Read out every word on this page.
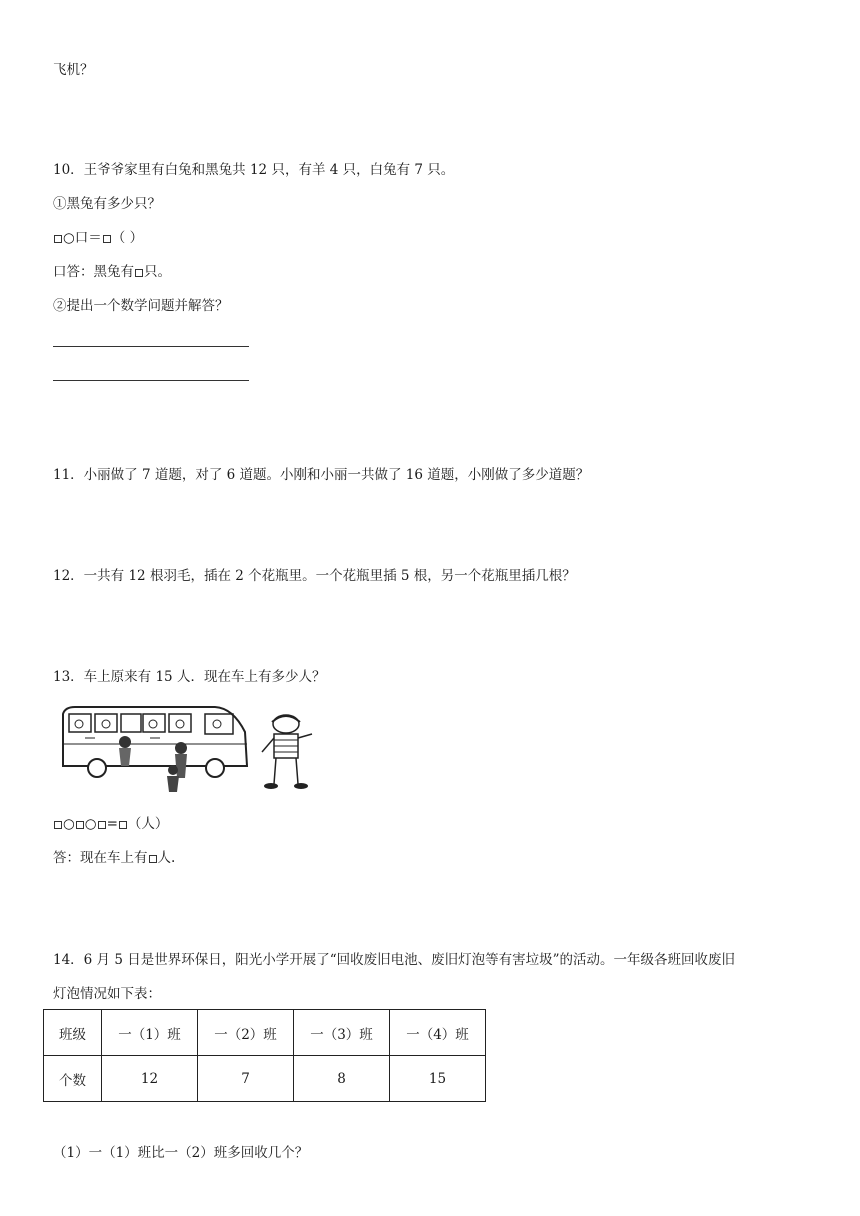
飞机？
10．王爷爷家里有白兔和黑兔共 12 只，有羊 4 只，白兔有 7 只。
①黑兔有多少只？
○口＝ （ ）
口答：黑兔有 只。
②提出一个数学问题并解答？
11．小丽做了 7 道题，对了 6 道题。小刚和小丽一共做了 16 道题，小刚做了多少道题？
12．一共有 12 根羽毛，插在 2 个花瓶里。一个花瓶里插 5 根，另一个花瓶里插几根？
13．车上原来有 15 人．现在车上有多少人？
○ ○ = （人）
答：现在车上有 人.
14．6 月 5 日是世界环保日，阳光小学开展了“回收废旧电池、废旧灯泡等有害垃圾”的活动。一年级各班回收废旧
灯泡情况如下表：
班级	一（1）班	一（2）班	一（3）班	一（4）班
个数	12	7	8	15
（1）一（1）班比一（2）班多回收几个？
